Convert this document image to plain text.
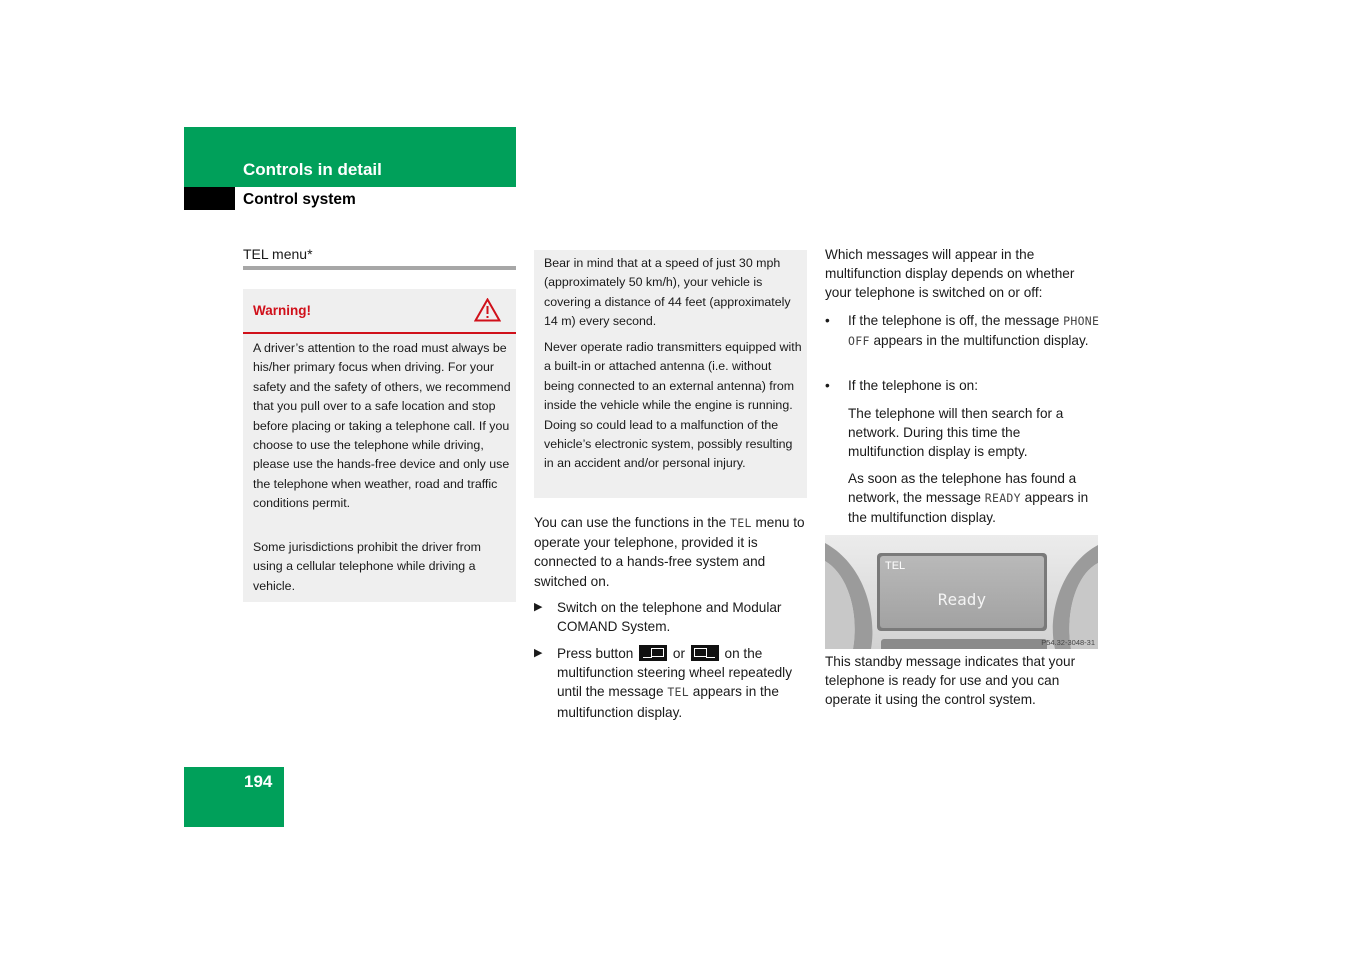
Controls in detail
Control system
TEL menu*
Warning!
A driver’s attention to the road must always be his/her primary focus when driving. For your safety and the safety of others, we recommend that you pull over to a safe location and stop before placing or taking a telephone call. If you choose to use the telephone while driving, please use the hands-free device and only use the telephone when weather, road and traffic conditions permit.
Some jurisdictions prohibit the driver from using a cellular telephone while driving a vehicle.
Bear in mind that at a speed of just 30 mph (approximately 50 km/h), your vehicle is covering a distance of 44 feet (approximately 14 m) every second.
Never operate radio transmitters equipped with a built-in or attached antenna (i.e. without being connected to an external antenna) from inside the vehicle while the engine is running. Doing so could lead to a malfunction of the vehicle’s electronic system, possibly resulting in an accident and/or personal injury.
You can use the functions in the TEL menu to operate your telephone, provided it is connected to a hands-free system and switched on.
▶ Switch on the telephone and Modular COMAND System.
▶ Press button
or
on the multifunction steering wheel repeatedly until the message TEL appears in the multifunction display.
Which messages will appear in the multifunction display depends on whether your telephone is switched on or off:
• If the telephone is off, the message PHONE OFF appears in the multifunction display.
• If the telephone is on:
The telephone will then search for a network. During this time the multifunction display is empty.
As soon as the telephone has found a network, the message READY appears in the multifunction display.
TEL
Ready
P54.32-3048-31
This standby message indicates that your telephone is ready for use and you can operate it using the control system.
194
